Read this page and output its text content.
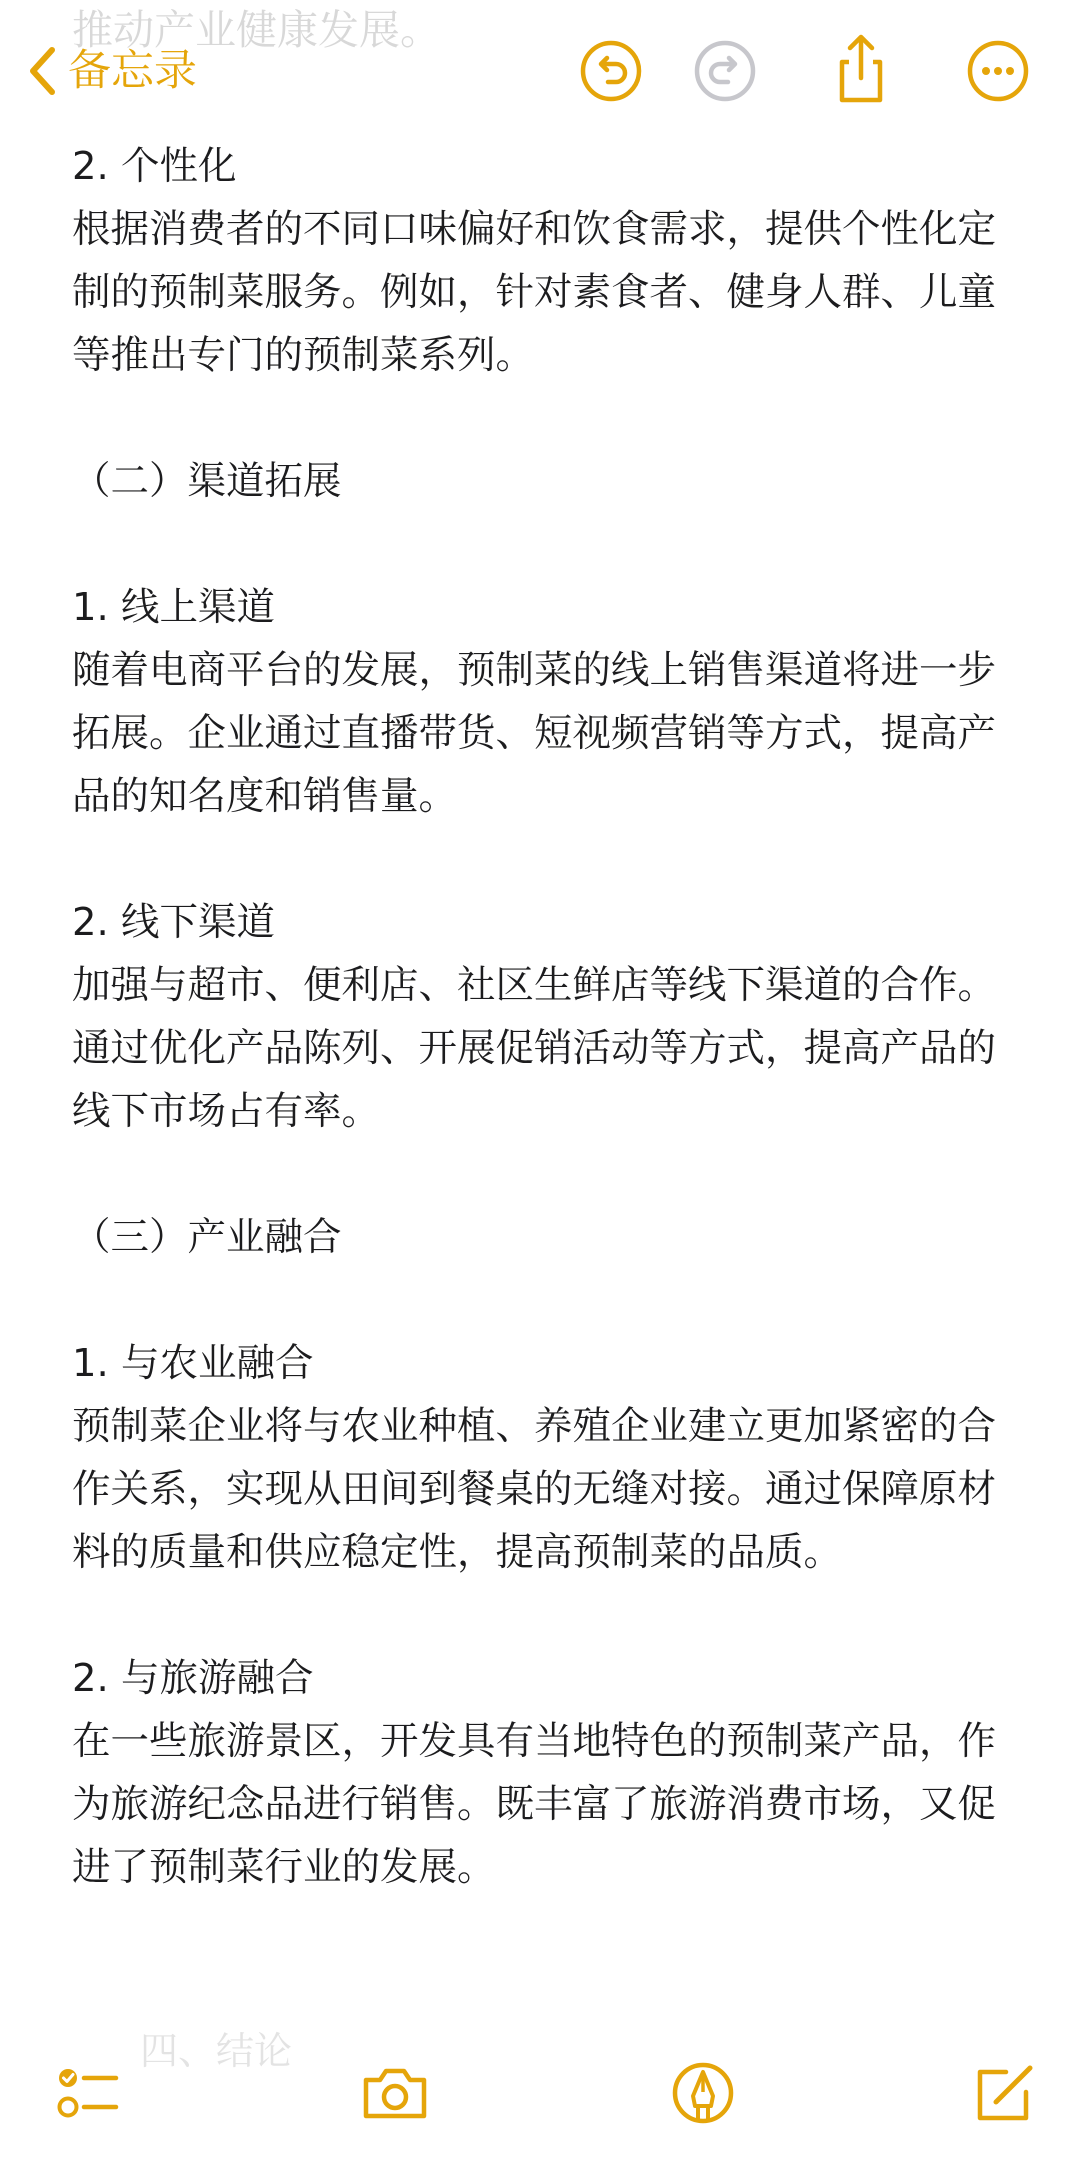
推动产业健康发展。
备忘录

2. 个性化

根据消费者的不同口味偏好和饮食需求，提供个性化定制的预制菜服务。例如，针对素食者、健身人群、儿童等推出专门的预制菜系列。

（二）渠道拓展

1. 线上渠道

随着电商平台的发展，预制菜的线上销售渠道将进一步拓展。企业通过直播带货、短视频营销等方式，提高产品的知名度和销售量。

2. 线下渠道

加强与超市、便利店、社区生鲜店等线下渠道的合作。通过优化产品陈列、开展促销活动等方式，提高产品的线下市场占有率。

（三）产业融合

1. 与农业融合

预制菜企业将与农业种植、养殖企业建立更加紧密的合作关系，实现从田间到餐桌的无缝对接。通过保障原材料的质量和供应稳定性，提高预制菜的品质。

2. 与旅游融合

在一些旅游景区，开发具有当地特色的预制菜产品，作为旅游纪念品进行销售。既丰富了旅游消费市场，又促进了预制菜行业的发展。

四、结论
